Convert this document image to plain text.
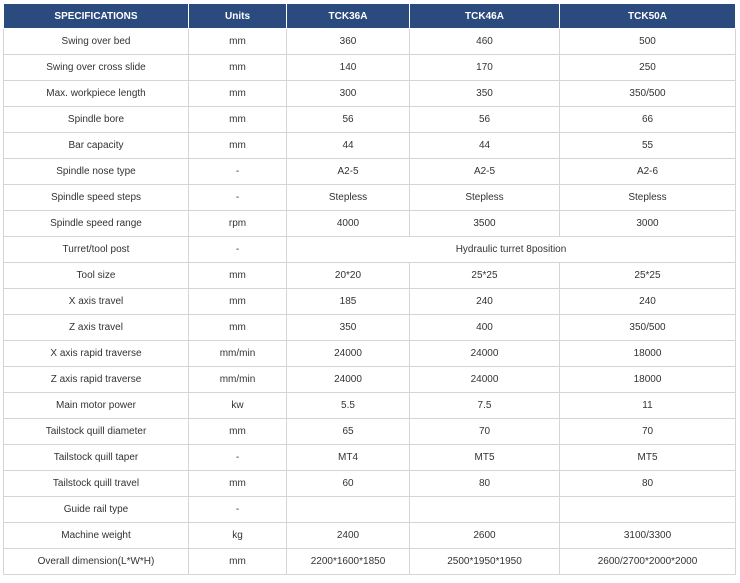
SPECIFICATIONS	Units	TCK36A	TCK46A	TCK50A
Swing over bed	mm	360	460	500
Swing over cross slide	mm	140	170	250
Max. workpiece length	mm	300	350	350/500
Spindle bore	mm	56	56	66
Bar capacity	mm	44	44	55
Spindle nose type	-	A2-5	A2-5	A2-6
Spindle speed steps	-	Stepless	Stepless	Stepless
Spindle speed range	rpm	4000	3500	3000
Turret/tool post	-	Hydraulic turret 8position		
Tool size	mm	20*20	25*25	25*25
X axis travel	mm	185	240	240
Z axis travel	mm	350	400	350/500
X axis rapid traverse	mm/min	24000	24000	18000
Z axis rapid traverse	mm/min	24000	24000	18000
Main motor power	kw	5.5	7.5	11
Tailstock quill diameter	mm	65	70	70
Tailstock quill taper	-	MT4	MT5	MT5
Tailstock quill travel	mm	60	80	80
Guide rail type	-			
Machine weight	kg	2400	2600	3100/3300
Overall dimension(L*W*H)	mm	2200*1600*1850	2500*1950*1950	2600/2700*2000*2000
